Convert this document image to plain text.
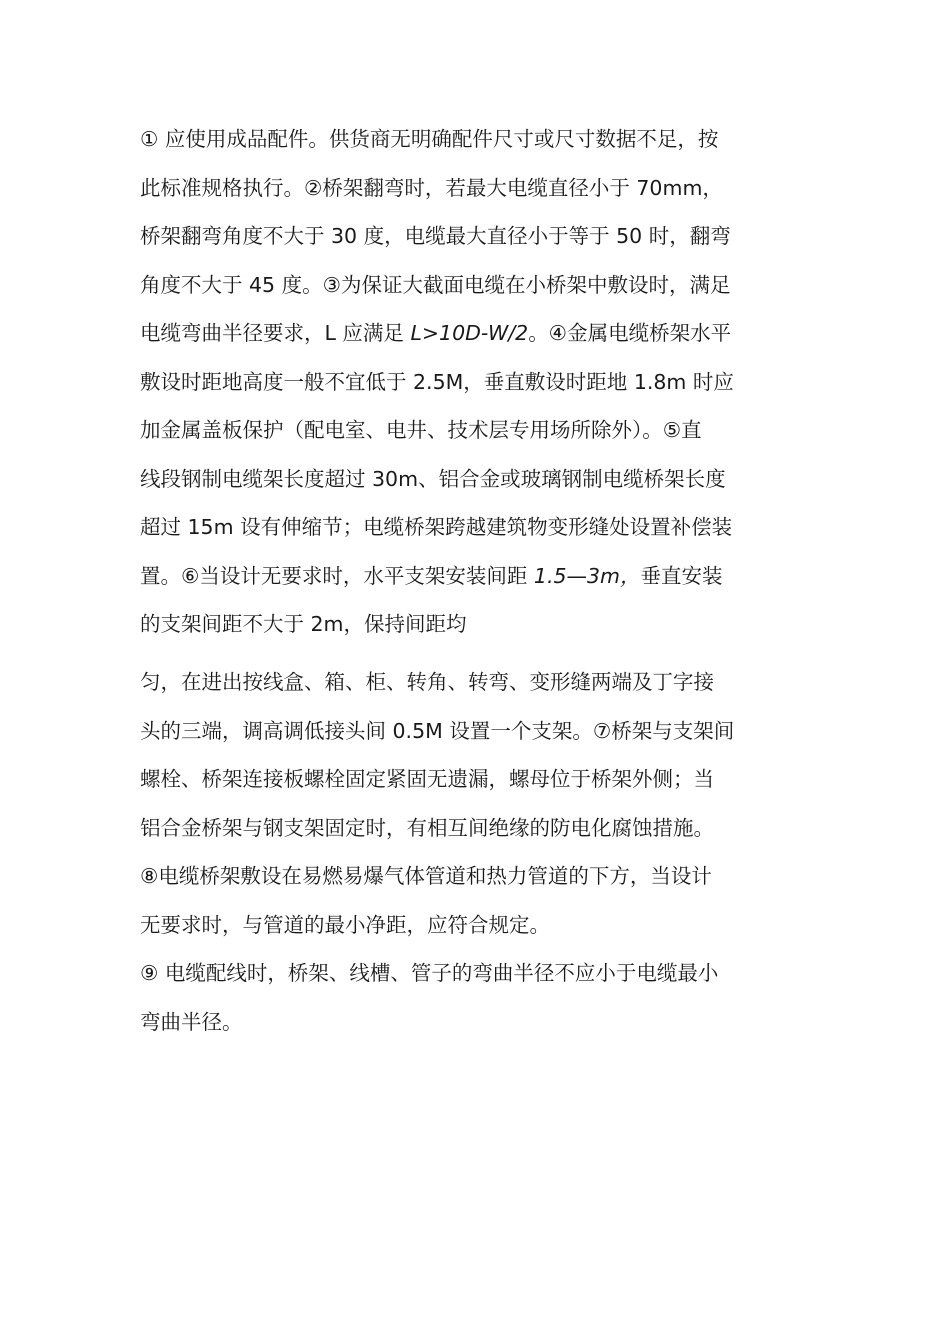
① 应使用成品配件。供货商无明确配件尺寸或尺寸数据不足，按
此标准规格执行。②桥架翻弯时，若最大电缆直径小于 70mm，
桥架翻弯角度不大于 30 度，电缆最大直径小于等于 50 时，翻弯
角度不大于 45 度。③为保证大截面电缆在小桥架中敷设时，满足
电缆弯曲半径要求，L 应满足 L>10D-W/2。④金属电缆桥架水平
敷设时距地高度一般不宜低于 2.5M，垂直敷设时距地 1.8m 时应
加金属盖板保护（配电室、电井、技术层专用场所除外）。⑤直
线段钢制电缆架长度超过 30m、铝合金或玻璃钢制电缆桥架长度
超过 15m 设有伸缩节；电缆桥架跨越建筑物变形缝处设置补偿装
置。⑥当设计无要求时，水平支架安装间距 1.5—3m，垂直安装
的支架间距不大于 2m，保持间距均
匀，在进出按线盒、箱、柜、转角、转弯、变形缝两端及丁字接
头的三端，调高调低接头间 0.5M 设置一个支架。⑦桥架与支架间
螺栓、桥架连接板螺栓固定紧固无遗漏，螺母位于桥架外侧；当
铝合金桥架与钢支架固定时，有相互间绝缘的防电化腐蚀措施。
⑧电缆桥架敷设在易燃易爆气体管道和热力管道的下方，当设计
无要求时，与管道的最小净距，应符合规定。
⑨ 电缆配线时，桥架、线槽、管子的弯曲半径不应小于电缆最小
弯曲半径。
